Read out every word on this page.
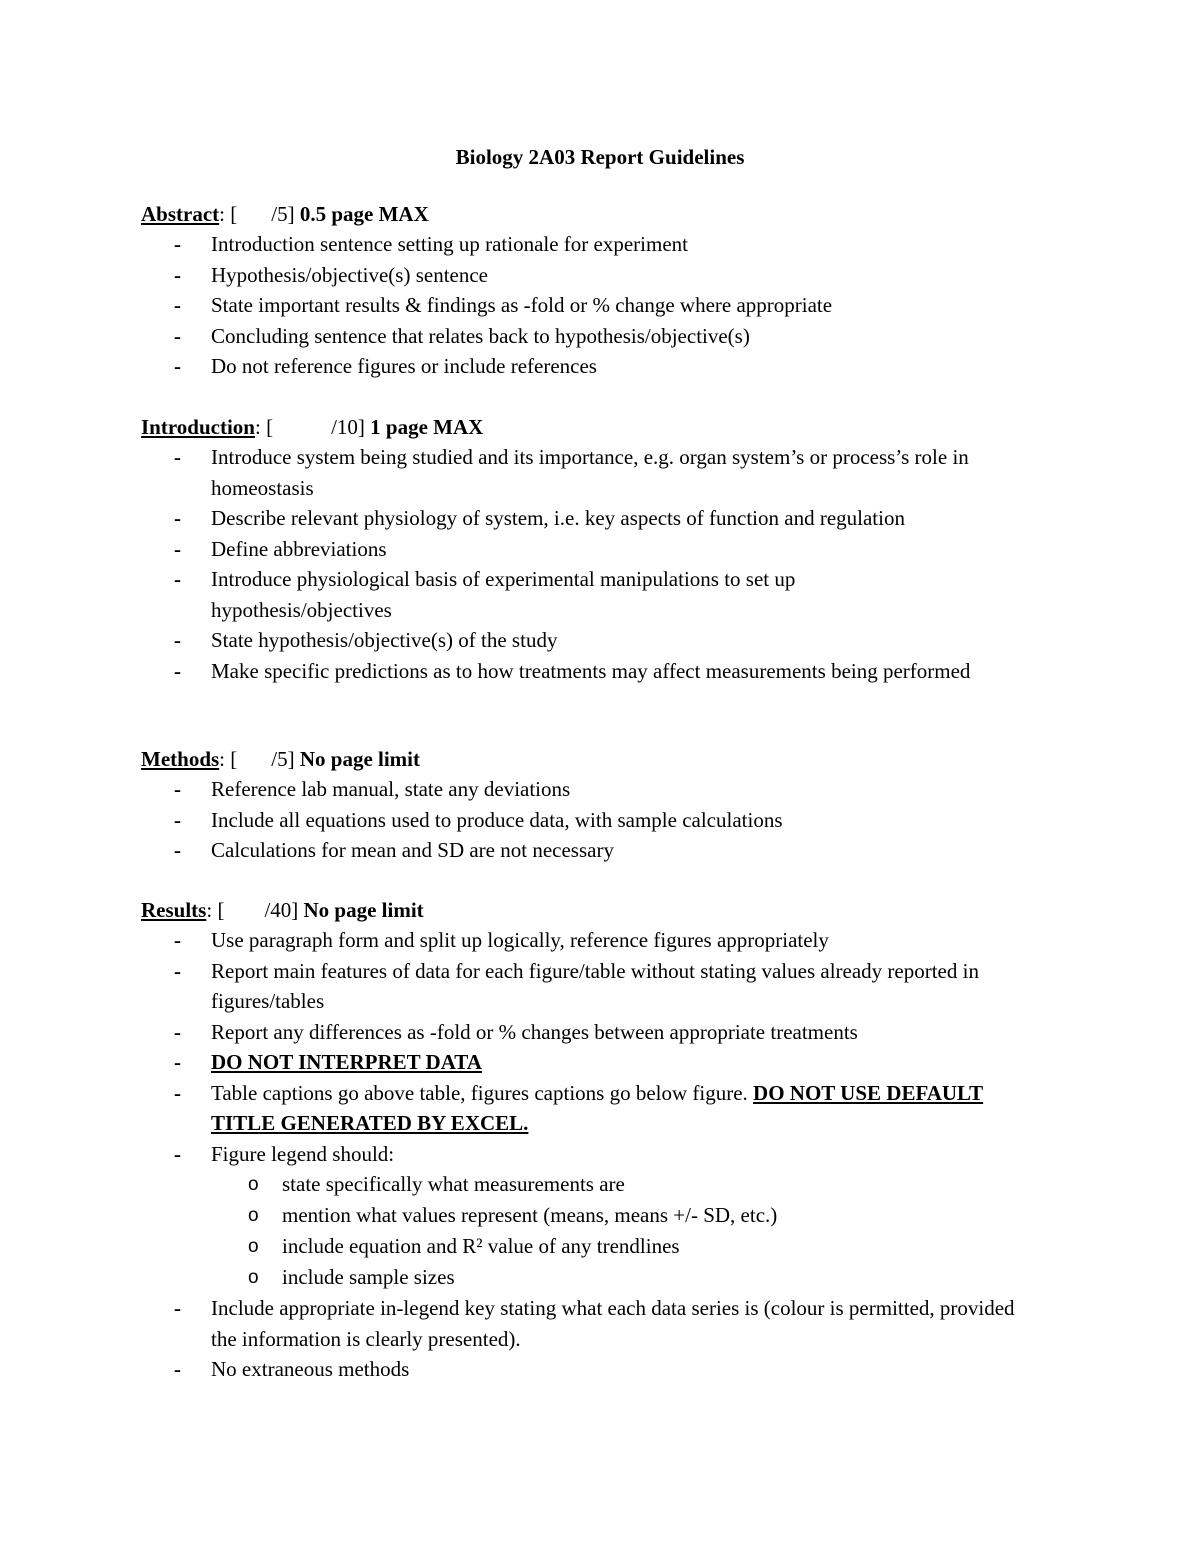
Biology 2A03 Report Guidelines
Abstract: [ /5] 0.5 page MAX
- Introduction sentence setting up rationale for experiment
- Hypothesis/objective(s) sentence
- State important results & findings as -fold or % change where appropriate
- Concluding sentence that relates back to hypothesis/objective(s)
- Do not reference figures or include references
Introduction: [	/10] 1 page MAX
- Introduce system being studied and its importance, e.g. organ system’s or process’s role in homeostasis
- Describe relevant physiology of system, i.e. key aspects of function and regulation
- Define abbreviations
- Introduce physiological basis of experimental manipulations to set up hypothesis/objectives
- State hypothesis/objective(s) of the study
- Make specific predictions as to how treatments may affect measurements being performed
Methods: [ /5] No page limit
- Reference lab manual, state any deviations
- Include all equations used to produce data, with sample calculations
- Calculations for mean and SD are not necessary
Results: [ /40] No page limit
- Use paragraph form and split up logically, reference figures appropriately
- Report main features of data for each figure/table without stating values already reported in figures/tables
- Report any differences as -fold or % changes between appropriate treatments
- DO NOT INTERPRET DATA
- Table captions go above table, figures captions go below figure. DO NOT USE DEFAULT TITLE GENERATED BY EXCEL.
- Figure legend should:
o state specifically what measurements are
o mention what values represent (means, means +/- SD, etc.)
o include equation and R² value of any trendlines
o include sample sizes
- Include appropriate in-legend key stating what each data series is (colour is permitted, provided the information is clearly presented).
- No extraneous methods
